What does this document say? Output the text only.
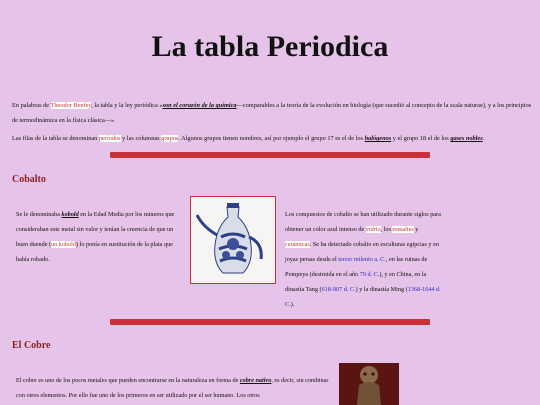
La tabla Periodica

En palabras de Theodor Benfey, la tabla y la ley periódica «son el corazón de la química—comparables a la teoría de la evolución en biología (que sucedió al concepto de la scala naturae), y a los principios de termodinámica en la física clásica—»

Las filas de la tabla se denominan períodos y las columnas grupos. Algunos grupos tienen nombres, así por ejemplo el grupo 17 es el de los halógenos y el grupo 18 el de los gases nobles.

Cobalto

Se le denominaba kobold en la Edad Media por los mineros que consideraban este metal sin valor y tenían la creencia de que un buen duende (un kobold) lo ponía en sustitución de la plata que había robado.

Los compuestos de cobalto se han utilizado durante siglos para obtener un color azul intenso de vidrio, los esmaltes y cerámicas. Se ha detectado cobalto en esculturas egipcias y en joyas persas desde el tercer milenio a. C., en las ruinas de Pompeya (destruida en el año 79 d. C.), y en China, en la dinastía Tang (618-907 d. C.) y la dinastía Ming (1368-1644 d. C.).

El Cobre

El cobre es uno de los pocos metales que pueden encontrarse en la naturaleza en forma de cobre nativo, es decir, sin combinar con otros elementos. Por ello fue uno de los primeros en ser utilizado por el ser humano. Los otros
